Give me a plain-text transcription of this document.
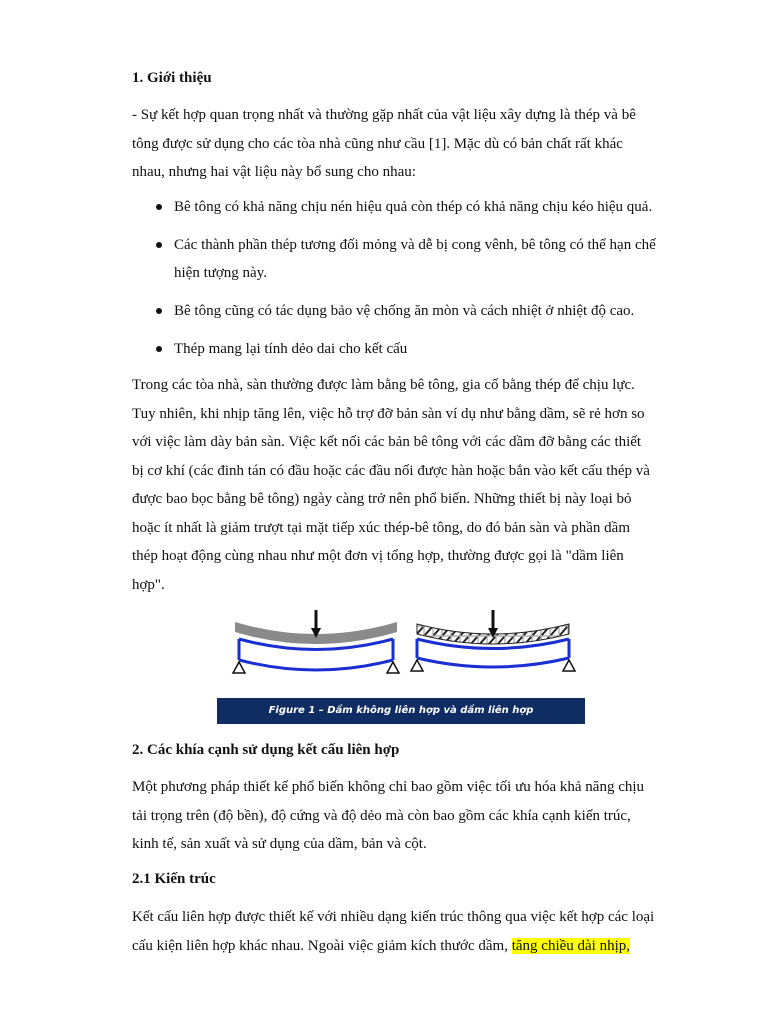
1. Giới thiệu
- Sự kết hợp quan trọng nhất và thường gặp nhất của vật liệu xây dựng là thép và bê
tông được sử dụng cho các tòa nhà cũng như cầu [1]. Mặc dù có bản chất rất khác
nhau, nhưng hai vật liệu này bổ sung cho nhau:
Bê tông có khả năng chịu nén hiệu quả còn thép có khả năng chịu kéo hiệu quả.
Các thành phần thép tương đối mỏng và dễ bị cong vênh, bê tông có thể hạn chế
hiện tượng này.
Bê tông cũng có tác dụng bảo vệ chống ăn mòn và cách nhiệt ở nhiệt độ cao.
Thép mang lại tính dẻo dai cho kết cấu
Trong các tòa nhà, sàn thường được làm bằng bê tông, gia cố bằng thép để chịu lực.
Tuy nhiên, khi nhịp tăng lên, việc hỗ trợ đỡ bản sàn ví dụ như bằng dầm, sẽ rẻ hơn so
với việc làm dày bản sàn. Việc kết nối các bản bê tông với các dầm đỡ bằng các thiết
bị cơ khí (các đinh tán có đầu hoặc các đầu nối được hàn hoặc bắn vào kết cấu thép và
được bao bọc bằng bê tông) ngày càng trở nên phổ biến. Những thiết bị này loại bỏ
hoặc ít nhất là giảm trượt tại mặt tiếp xúc thép-bê tông, do đó bản sàn và phần dầm
thép hoạt động cùng nhau như một đơn vị tổng hợp, thường được gọi là "dầm liên
hợp".
Figure 1 – Dầm không liên hợp và dầm liên hợp
2. Các khía cạnh sử dụng kết cấu liên hợp
Một phương pháp thiết kế phổ biến không chỉ bao gồm việc tối ưu hóa khả năng chịu
tải trọng trên (độ bền), độ cứng và độ dẻo mà còn bao gồm các khía cạnh kiến trúc,
kinh tế, sản xuất và sử dụng của dầm, bản và cột.
2.1 Kiến trúc
Kết cấu liên hợp được thiết kế với nhiều dạng kiến trúc thông qua việc kết hợp các loại
cấu kiện liên hợp khác nhau. Ngoài việc giảm kích thước dầm, tăng chiều dài nhịp,
